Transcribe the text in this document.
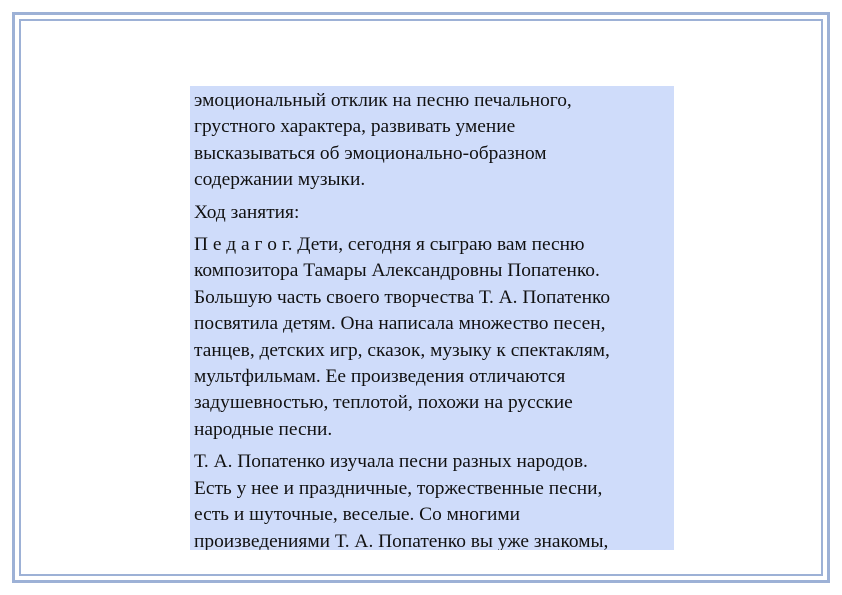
эмоциональный отклик на песню печального,
грустного характера, развивать умение
высказываться об эмоционально-образном
содержании музыки.

Ход занятия:

П е д а г о г. Дети, сегодня я сыграю вам песню
композитора Тамары Александровны Попатенко.
Большую часть своего творчества Т. А. Попатенко
посвятила детям. Она написала множество песен,
танцев, детских игр, сказок, музыку к спектаклям,
мультфильмам. Ее произведения отличаются
задушевностью, теплотой, похожи на русские
народные песни.

Т. А. Попатенко изучала песни разных народов.
Есть у нее и праздничные, торжественные песни,
есть и шуточные, веселые. Со многими
произведениями Т. А. Попатенко вы уже знакомы,
